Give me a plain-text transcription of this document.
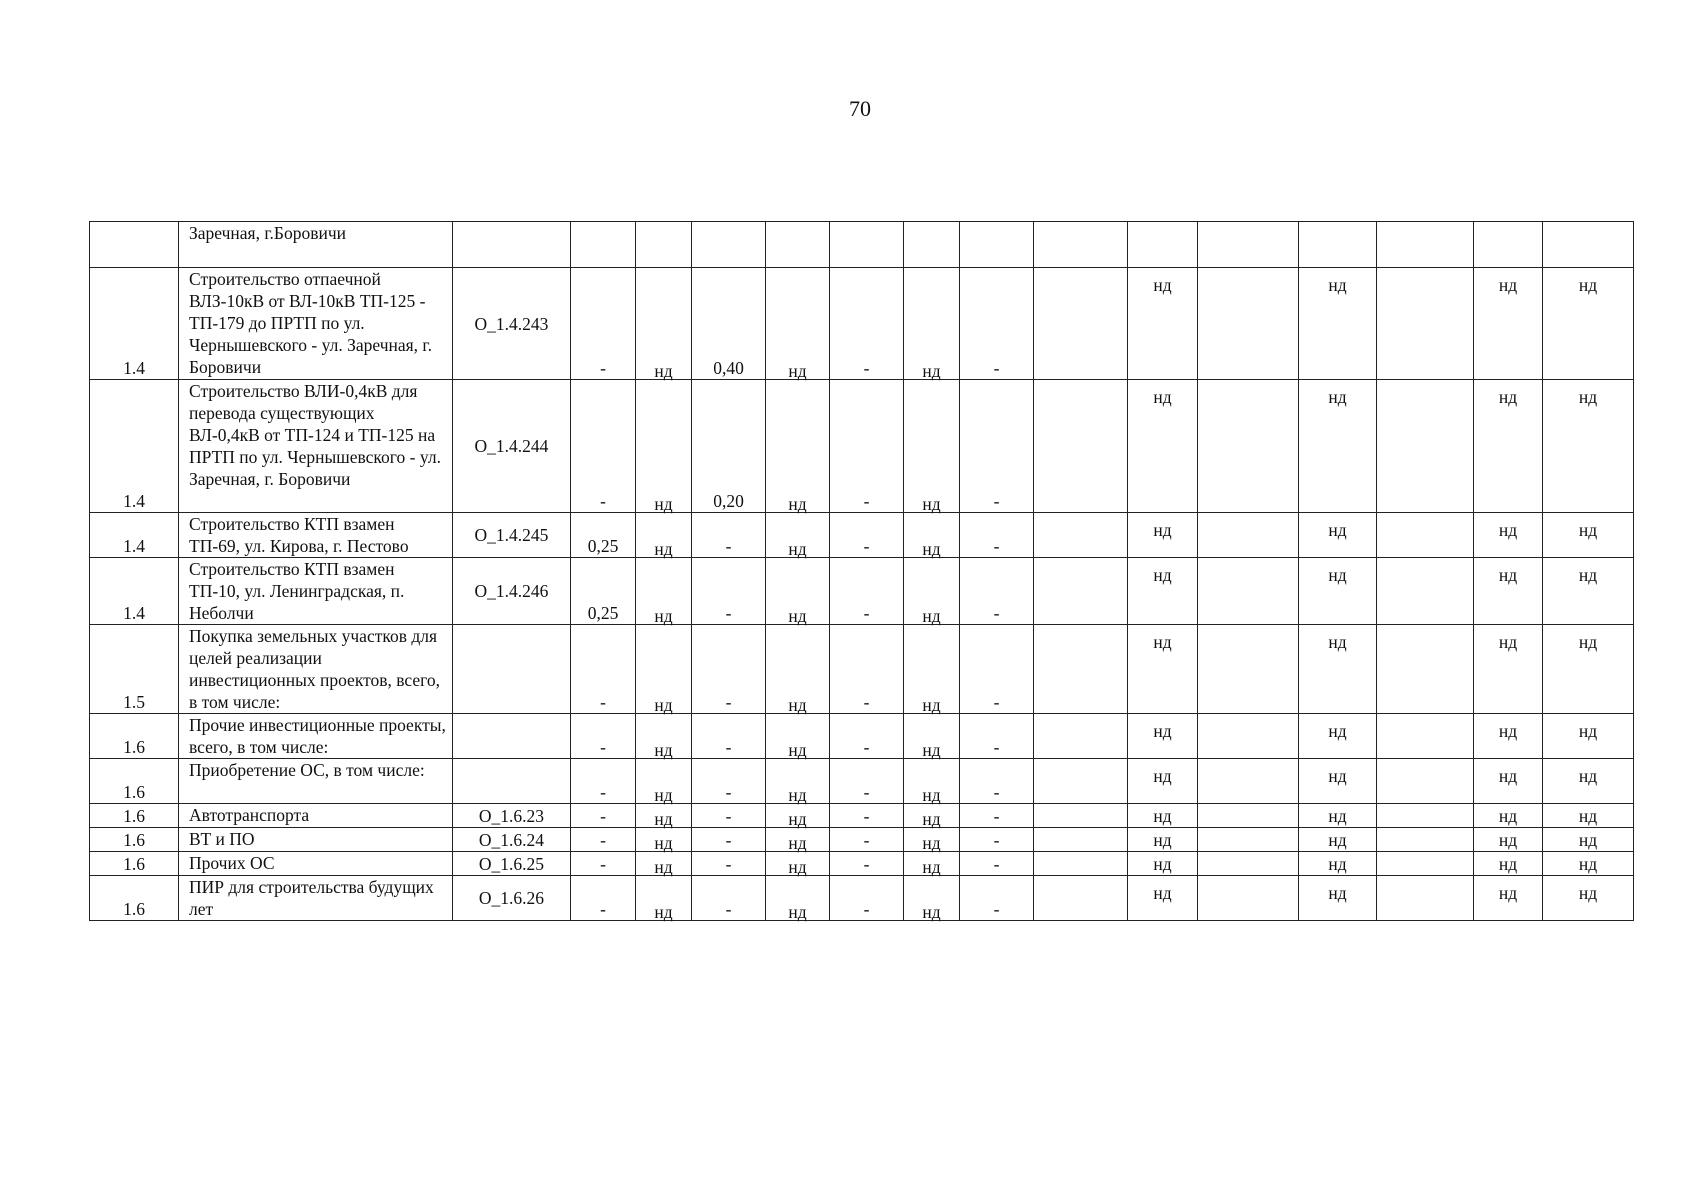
70
	Заречная, г.Боровичи															
1.4	Строительство отпаечной ВЛЗ-10кВ от ВЛ-10кВ ТП-125 - ТП-179 до ПРТП по ул. Чернышевского - ул. Заречная, г. Боровичи	О_1.4.243	-	нд	0,40	нд	-	нд	-		нд		нд		нд	нд
1.4	Строительство ВЛИ-0,4кВ для перевода существующих ВЛ-0,4кВ от ТП-124 и ТП-125 на ПРТП по ул. Чернышевского - ул. Заречная, г. Боровичи	О_1.4.244	-	нд	0,20	нд	-	нд	-		нд		нд		нд	нд
1.4	Строительство КТП взамен ТП-69, ул. Кирова, г. Пестово	О_1.4.245	0,25	нд	-	нд	-	нд	-		нд		нд		нд	нд
1.4	Строительство КТП взамен ТП-10, ул. Ленинградская, п. Неболчи	О_1.4.246	0,25	нд	-	нд	-	нд	-		нд		нд		нд	нд
1.5	Покупка земельных участков для целей реализации инвестиционных проектов, всего, в том числе:		-	нд	-	нд	-	нд	-		нд		нд		нд	нд
1.6	Прочие инвестиционные проекты, всего, в том числе:		-	нд	-	нд	-	нд	-		нд		нд		нд	нд
1.6	Приобретение ОС, в том числе:		-	нд	-	нд	-	нд	-		нд		нд		нд	нд
1.6	Автотранспорта	О_1.6.23	-	нд	-	нд	-	нд	-		нд		нд		нд	нд
1.6	ВТ и ПО	О_1.6.24	-	нд	-	нд	-	нд	-		нд		нд		нд	нд
1.6	Прочих ОС	О_1.6.25	-	нд	-	нд	-	нд	-		нд		нд		нд	нд
1.6	ПИР для строительства будущих лет	О_1.6.26	-	нд	-	нд	-	нд	-		нд		нд		нд	нд
